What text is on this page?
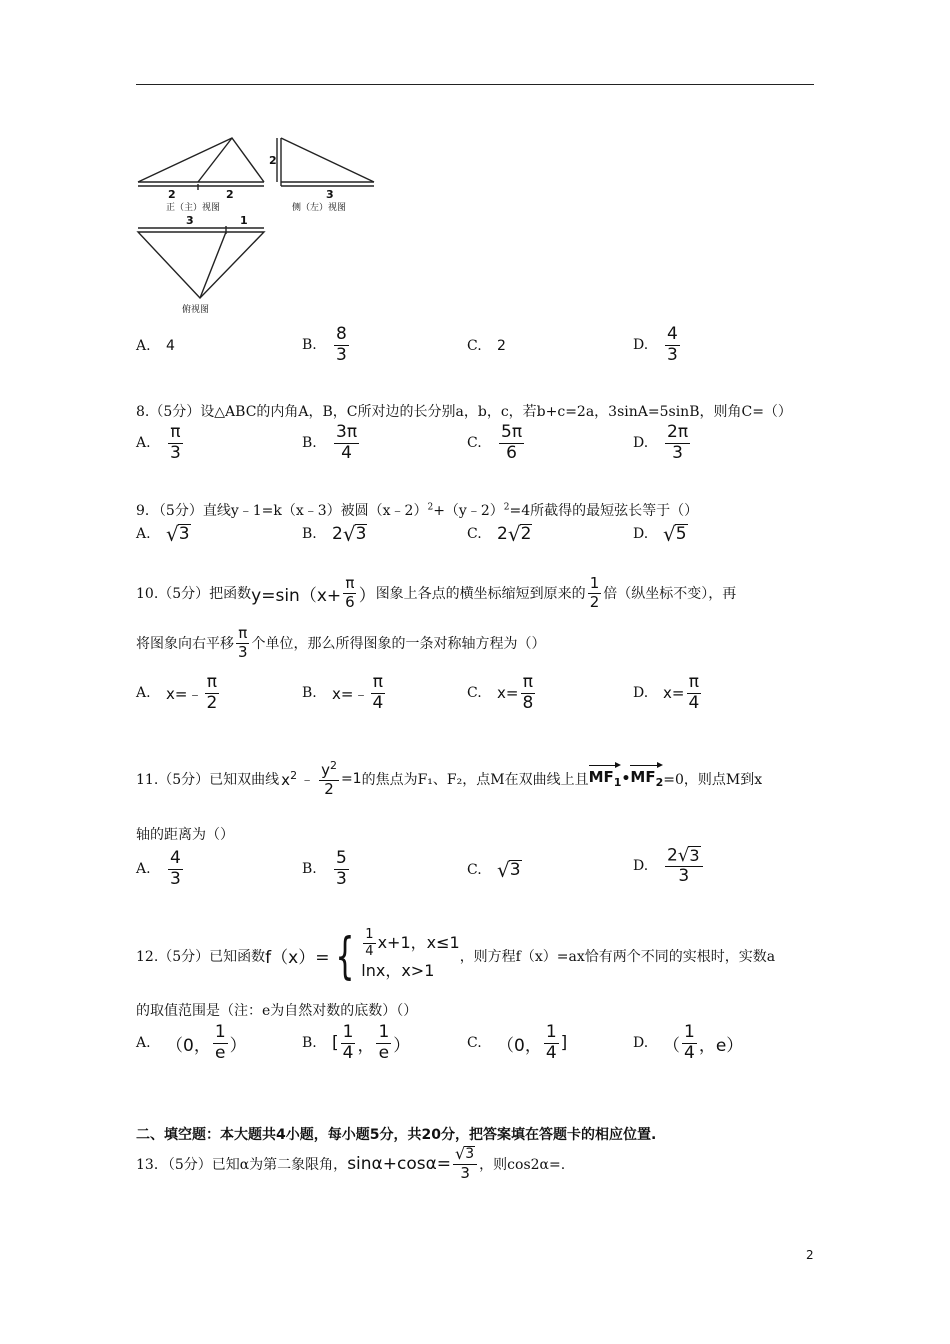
2	2
2
3
3	1
正（主）视图	侧（左）视图
俯视图
A.	4	B.	$\frac{8}{3}$	C.	2	D. $\frac{4}{3}$
8.（5分）设△ABC的内角A，B，C所对边的长分别a，b，c，若b+c=2a，3sinA=5sinB，则角C=（）
A.	$\frac{\pi}{3}$	B.	$\frac{3\pi}{4}$	C.	$\frac{5\pi}{6}$	D. $\frac{2\pi}{3}$
9．（5分）直线y﹣1=k（x﹣3）被圆（x﹣2）$^2$+（y﹣2）$^2$=4所截得的最短弦长等于（）
A. √ 3	B. 2 √ 3	C. 2 √ 2	D. √ 5
10.（5分）把函数 $y=\sin(x+ \frac{\pi}{6}$ ） 图象上各点的横坐标缩短到原来的 $\frac{1}{2}$ 倍（纵坐标不变），再
将图象向右平移 $\frac{\pi}{3}$ 个单位，那么所得图象的一条对称轴方程为（）
A.	x=﹣ $\frac{\pi}{2}$	B.	x=﹣ $\frac{\pi}{4}$	C.	$x= \frac{\pi}{8}$	D. $x= \frac{\pi}{4}$
11.（5分）已知双曲线 $x^2$ ﹣ $\frac{y^2}{2} =1$ 的焦点为F₁、F₂，点M在双曲线上且 $MF_1$ • $MF_2 =0$，则点M到x
轴的距离为（）
A.	$\frac{4}{3}$	B.	$\frac{5}{3}$	C. √ 3	D. $\frac{2 √ 3}{3}$
12.（5分）已知函数 f（x）= { $\frac{1}{4} x+1$，x≤1
lnx，x>1
，则方程f（x）=ax恰有两个不同的实根时，实数a
的取值范围是（注：e为自然对数的底数）（）
A. （0， $\frac{1}{e}$ ）	B. [ $\frac{1}{4}$ ， $\frac{1}{e}$ ）	C. （0， $\frac{1}{4}$ ]	D. （ $\frac{1}{4}$ ，e）
二、填空题：本大题共4小题，每小题5分，共20分，把答案填在答题卡的相应位置.
13．（5分）已知α为第二象限角， $\sin\alpha+\cos\alpha= \frac{√ 3}{3}$ ，则cos2α=.
2
